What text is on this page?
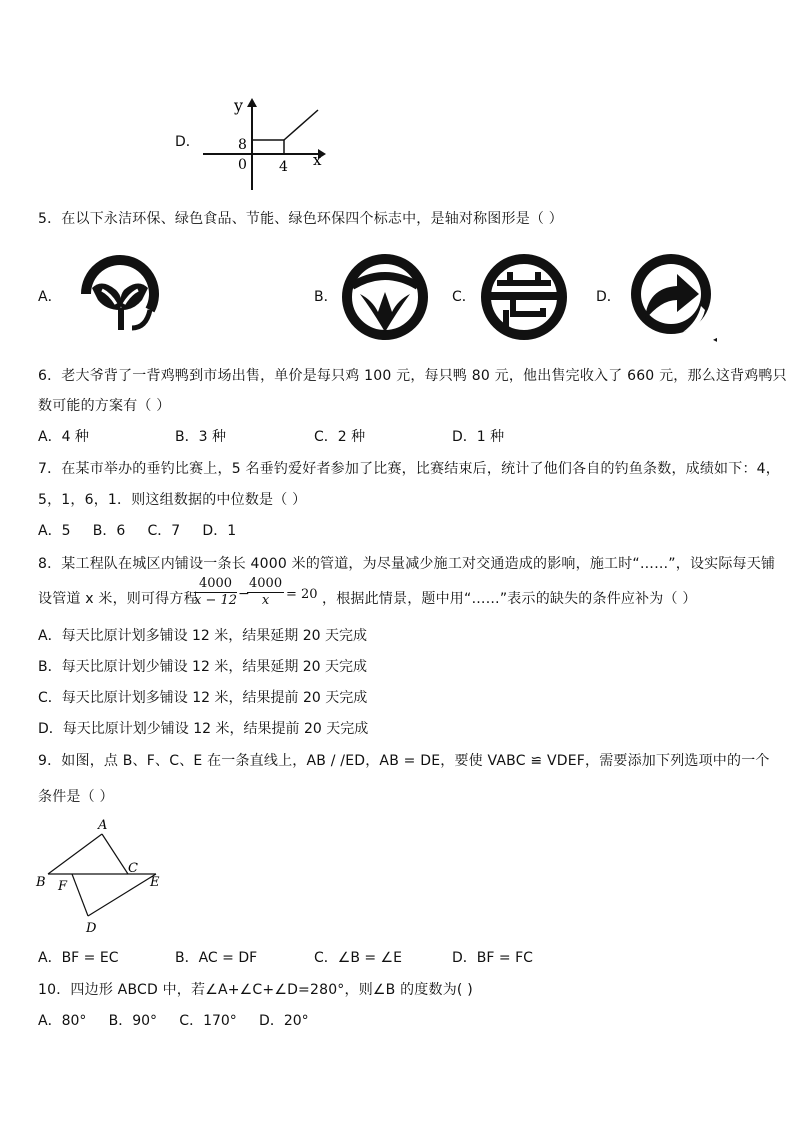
D．
y
x
0
8
4
5．在以下永洁环保、绿色食品、节能、绿色环保四个标志中，是轴对称图形是（ ）
A．	B．	C．	D．
◂
6．老大爷背了一背鸡鸭到市场出售，单价是每只鸡 100 元，每只鸭 80 元，他出售完收入了 660 元，那么这背鸡鸭只
数可能的方案有（ ）
A．4 种	B．3 种	C．2 种	D．1 种
7．在某市举办的垂钓比赛上，5 名垂钓爱好者参加了比赛，比赛结束后，统计了他们各自的钓鱼条数，成绩如下：4，
5，1，6，1．则这组数据的中位数是（ ）
A．5     B．6     C．7     D．1
8．某工程队在城区内铺设一条长 4000 米的管道，为尽量减少施工对交通造成的影响，施工时“……”，设实际每天铺
设管道 x 米，则可得方程
$\frac{4000}{x - 12}$ −
$\frac{4000}{x} = 20$ ，根据此情景，题中用“……”表示的缺失的条件应补为（ ）
A．每天比原计划多铺设 12 米，结果延期 20 天完成
B．每天比原计划少铺设 12 米，结果延期 20 天完成
C．每天比原计划多铺设 12 米，结果提前 20 天完成
D．每天比原计划少铺设 12 米，结果提前 20 天完成
9．如图，点 B、F、C、E 在一条直线上，AB / /ED，AB = DE，要使 VABC ≌ VDEF，需要添加下列选项中的一个
条件是（ ）
A
B
C
D
E
F
A．BF = EC	B．AC = DF	C．∠B = ∠E	D．BF = FC
10．四边形 ABCD 中，若∠A+∠C+∠D=280°，则∠B 的度数为( )
A．80°     B．90°     C．170°     D．20°
